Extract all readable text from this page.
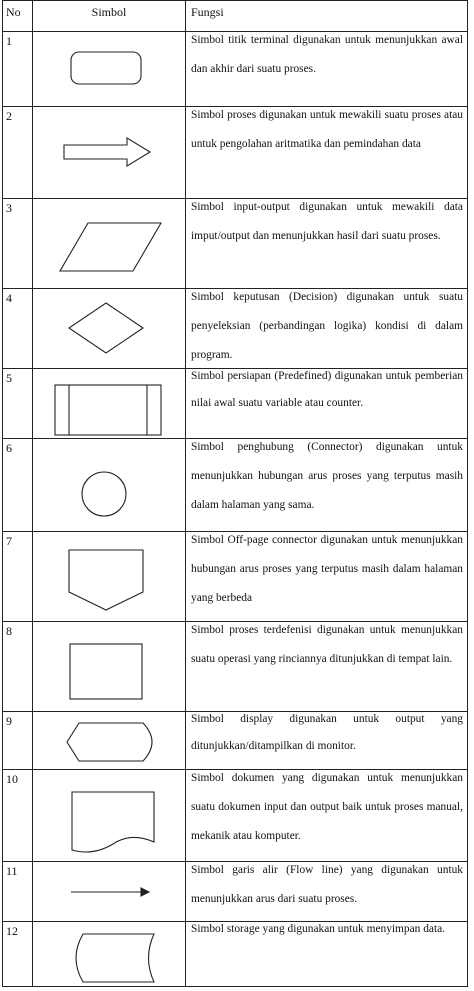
No	Simbol	Fungsi
1	Simbol titik terminal digunakan untuk menunjukkan awal dan akhir dari suatu proses.
2	Simbol proses digunakan untuk mewakili suatu proses atau untuk pengolahan aritmatika dan pemindahan data
3	Simbol input-output digunakan untuk mewakili data imput/output dan menunjukkan hasil dari suatu proses.
4	Simbol keputusan (Decision) digunakan untuk suatu penyeleksian (perbandingan logika) kondisi di dalam program.
5	Simbol persiapan (Predefined) digunakan untuk pemberian nilai awal suatu variable atau counter.
6	Simbol penghubung (Connector) digunakan untuk menunjukkan hubungan arus proses yang terputus masih dalam halaman yang sama.
7	Simbol Off-page connector digunakan untuk menunjukkan hubungan arus proses yang terputus masih dalam halaman yang berbeda
8	Simbol proses terdefenisi digunakan untuk menunjukkan suatu operasi yang rinciannya ditunjukkan di tempat lain.
9	Simbol display digunakan untuk output yang ditunjukkan/ditampilkan di monitor.
10	Simbol dokumen yang digunakan untuk menunjukkan suatu dokumen input dan output baik untuk proses manual, mekanik atau komputer.
11	Simbol garis alir (Flow line) yang digunakan untuk menunjukkan arus dari suatu proses.
12	Simbol storage yang digunakan untuk menyimpan data.
